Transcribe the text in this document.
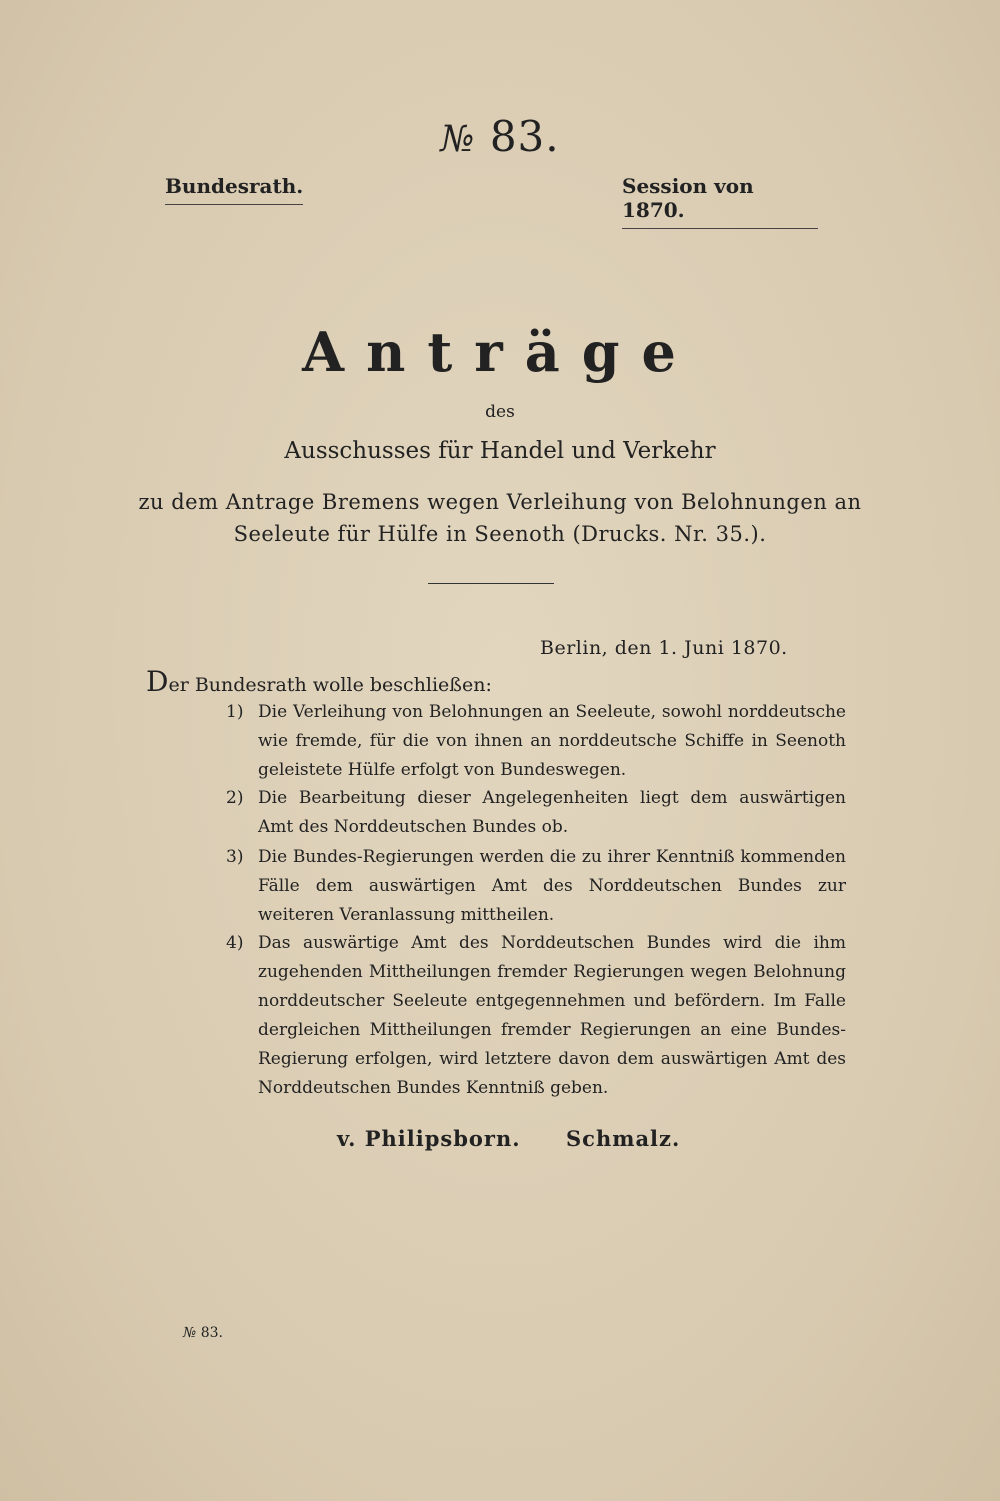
№ 83.
Bundesrath.	Session von 1870.
Anträge
des
Ausschusses für Handel und Verkehr
zu dem Antrage Bremens wegen Verleihung von Belohnungen an
Seeleute für Hülfe in Seenoth (Drucks. Nr. 35.).
Berlin, den 1. Juni 1870.
Der Bundesrath wolle beschließen:
1) Die Verleihung von Belohnungen an Seeleute, sowohl norddeutsche wie fremde, für die von ihnen an norddeutsche Schiffe in Seenoth geleistete Hülfe erfolgt von Bundeswegen.
2) Die Bearbeitung dieser Angelegenheiten liegt dem auswärtigen Amt des Norddeutschen Bundes ob.
3) Die Bundes-Regierungen werden die zu ihrer Kenntniß kommenden Fälle dem auswärtigen Amt des Norddeutschen Bundes zur weiteren Veranlassung mittheilen.
4) Das auswärtige Amt des Norddeutschen Bundes wird die ihm zugehenden Mittheilungen fremder Regierungen wegen Belohnung norddeutscher Seeleute entgegennehmen und befördern. Im Falle dergleichen Mittheilungen fremder Regierungen an eine Bundes-Regierung erfolgen, wird letztere davon dem auswärtigen Amt des Norddeutschen Bundes Kenntniß geben.
v. Philipsborn. Schmalz.
№ 83.
